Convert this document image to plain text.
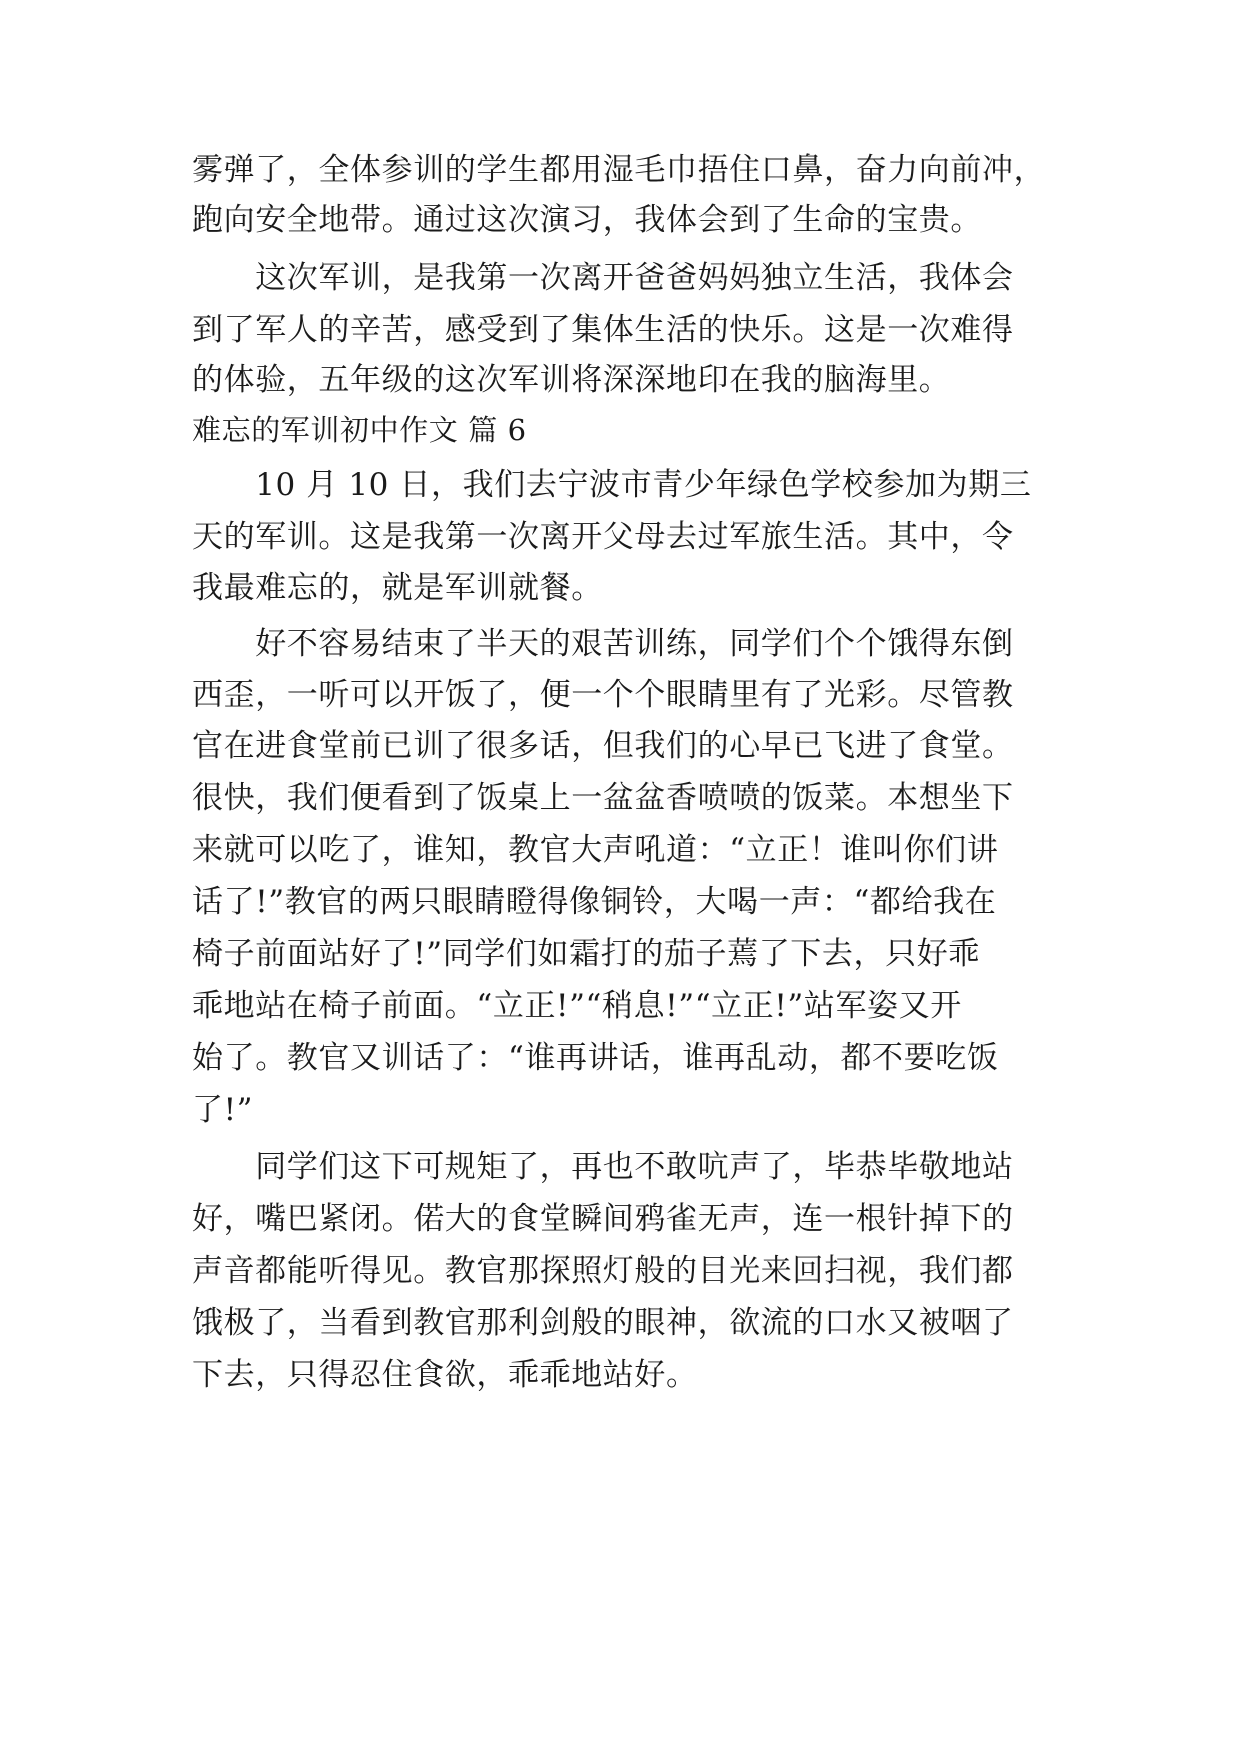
雾弹了，全体参训的学生都用湿毛巾捂住口鼻，奋力向前冲，
跑向安全地带。通过这次演习，我体会到了生命的宝贵。
　　这次军训，是我第一次离开爸爸妈妈独立生活，我体会
到了军人的辛苦，感受到了集体生活的快乐。这是一次难得
的体验，五年级的这次军训将深深地印在我的脑海里。
难忘的军训初中作文 篇 6
　　10 月 10 日，我们去宁波市青少年绿色学校参加为期三
天的军训。这是我第一次离开父母去过军旅生活。其中，令
我最难忘的，就是军训就餐。
　　好不容易结束了半天的艰苦训练，同学们个个饿得东倒
西歪，一听可以开饭了，便一个个眼睛里有了光彩。尽管教
官在进食堂前已训了很多话，但我们的心早已飞进了食堂。
很快，我们便看到了饭桌上一盆盆香喷喷的饭菜。本想坐下
来就可以吃了，谁知，教官大声吼道：“立正！谁叫你们讲
话了!”教官的两只眼睛瞪得像铜铃，大喝一声：“都给我在
椅子前面站好了!”同学们如霜打的茄子蔫了下去，只好乖
乖地站在椅子前面。“立正!”“稍息!”“立正!”站军姿又开
始了。教官又训话了：“谁再讲话，谁再乱动，都不要吃饭
了!”
　　同学们这下可规矩了，再也不敢吭声了，毕恭毕敬地站
好，嘴巴紧闭。偌大的食堂瞬间鸦雀无声，连一根针掉下的
声音都能听得见。教官那探照灯般的目光来回扫视，我们都
饿极了，当看到教官那利剑般的眼神，欲流的口水又被咽了
下去，只得忍住食欲，乖乖地站好。
